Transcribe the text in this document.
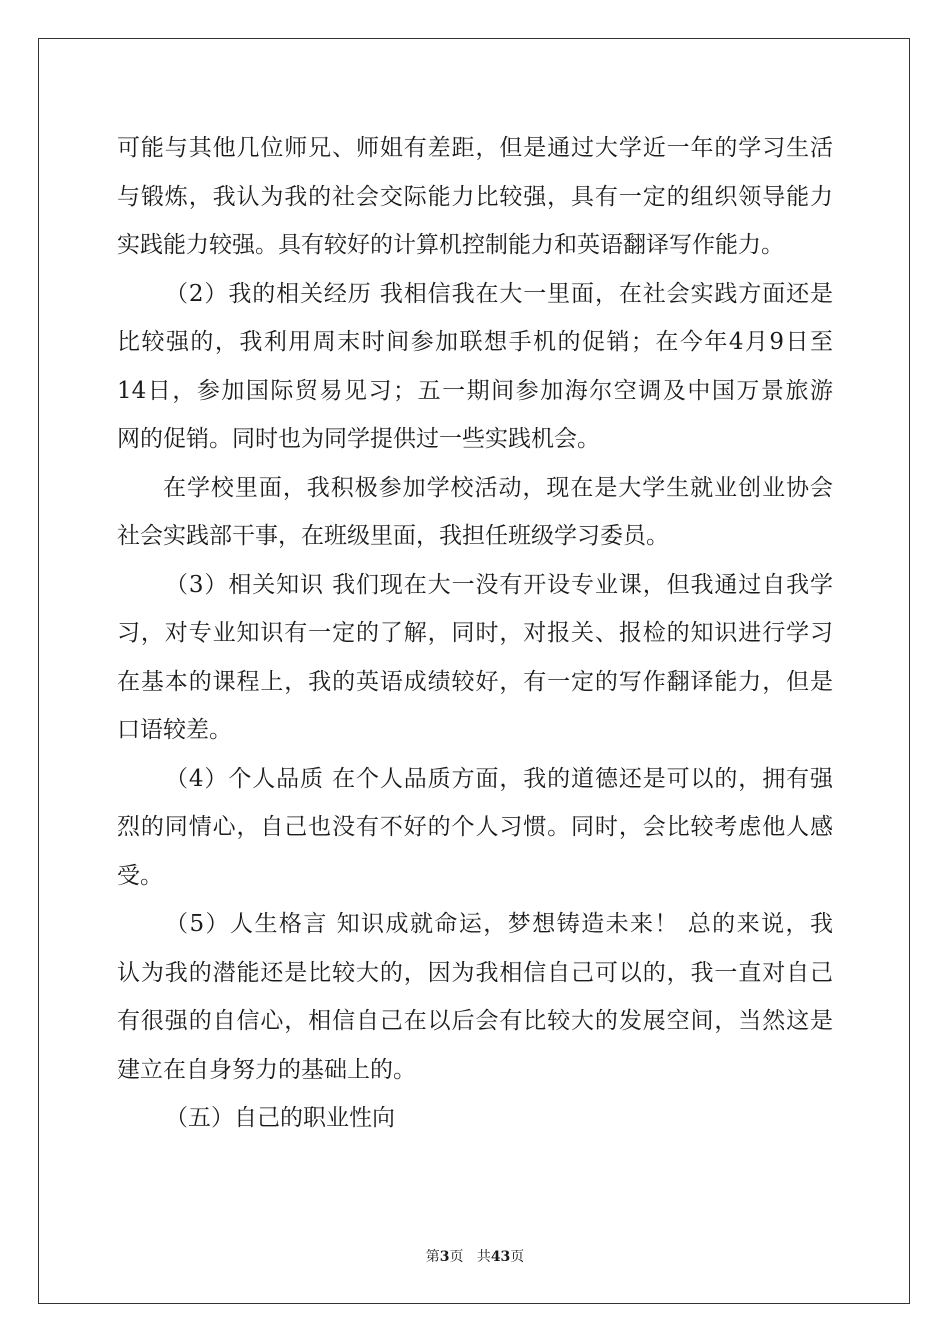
可能与其他几位师兄、师姐有差距，但是通过大学近一年的学习生活
与锻炼，我认为我的社会交际能力比较强，具有一定的组织领导能力
实践能力较强。具有较好的计算机控制能力和英语翻译写作能力。
（2）我的相关经历 我相信我在大一里面，在社会实践方面还是
比较强的，我利用周末时间参加联想手机的促销；在今年4月9日至
14日，参加国际贸易见习；五一期间参加海尔空调及中国万景旅游
网的促销。同时也为同学提供过一些实践机会。
在学校里面，我积极参加学校活动，现在是大学生就业创业协会
社会实践部干事，在班级里面，我担任班级学习委员。
（3）相关知识 我们现在大一没有开设专业课，但我通过自我学
习，对专业知识有一定的了解，同时，对报关、报检的知识进行学习
在基本的课程上，我的英语成绩较好，有一定的写作翻译能力，但是
口语较差。
（4）个人品质 在个人品质方面，我的道德还是可以的，拥有强
烈的同情心，自己也没有不好的个人习惯。同时，会比较考虑他人感
受。
（5）人生格言 知识成就命运，梦想铸造未来！ 总的来说，我
认为我的潜能还是比较大的，因为我相信自己可以的，我一直对自己
有很强的自信心，相信自己在以后会有比较大的发展空间，当然这是
建立在自身努力的基础上的。
（五）自己的职业性向
第3页 共43页
